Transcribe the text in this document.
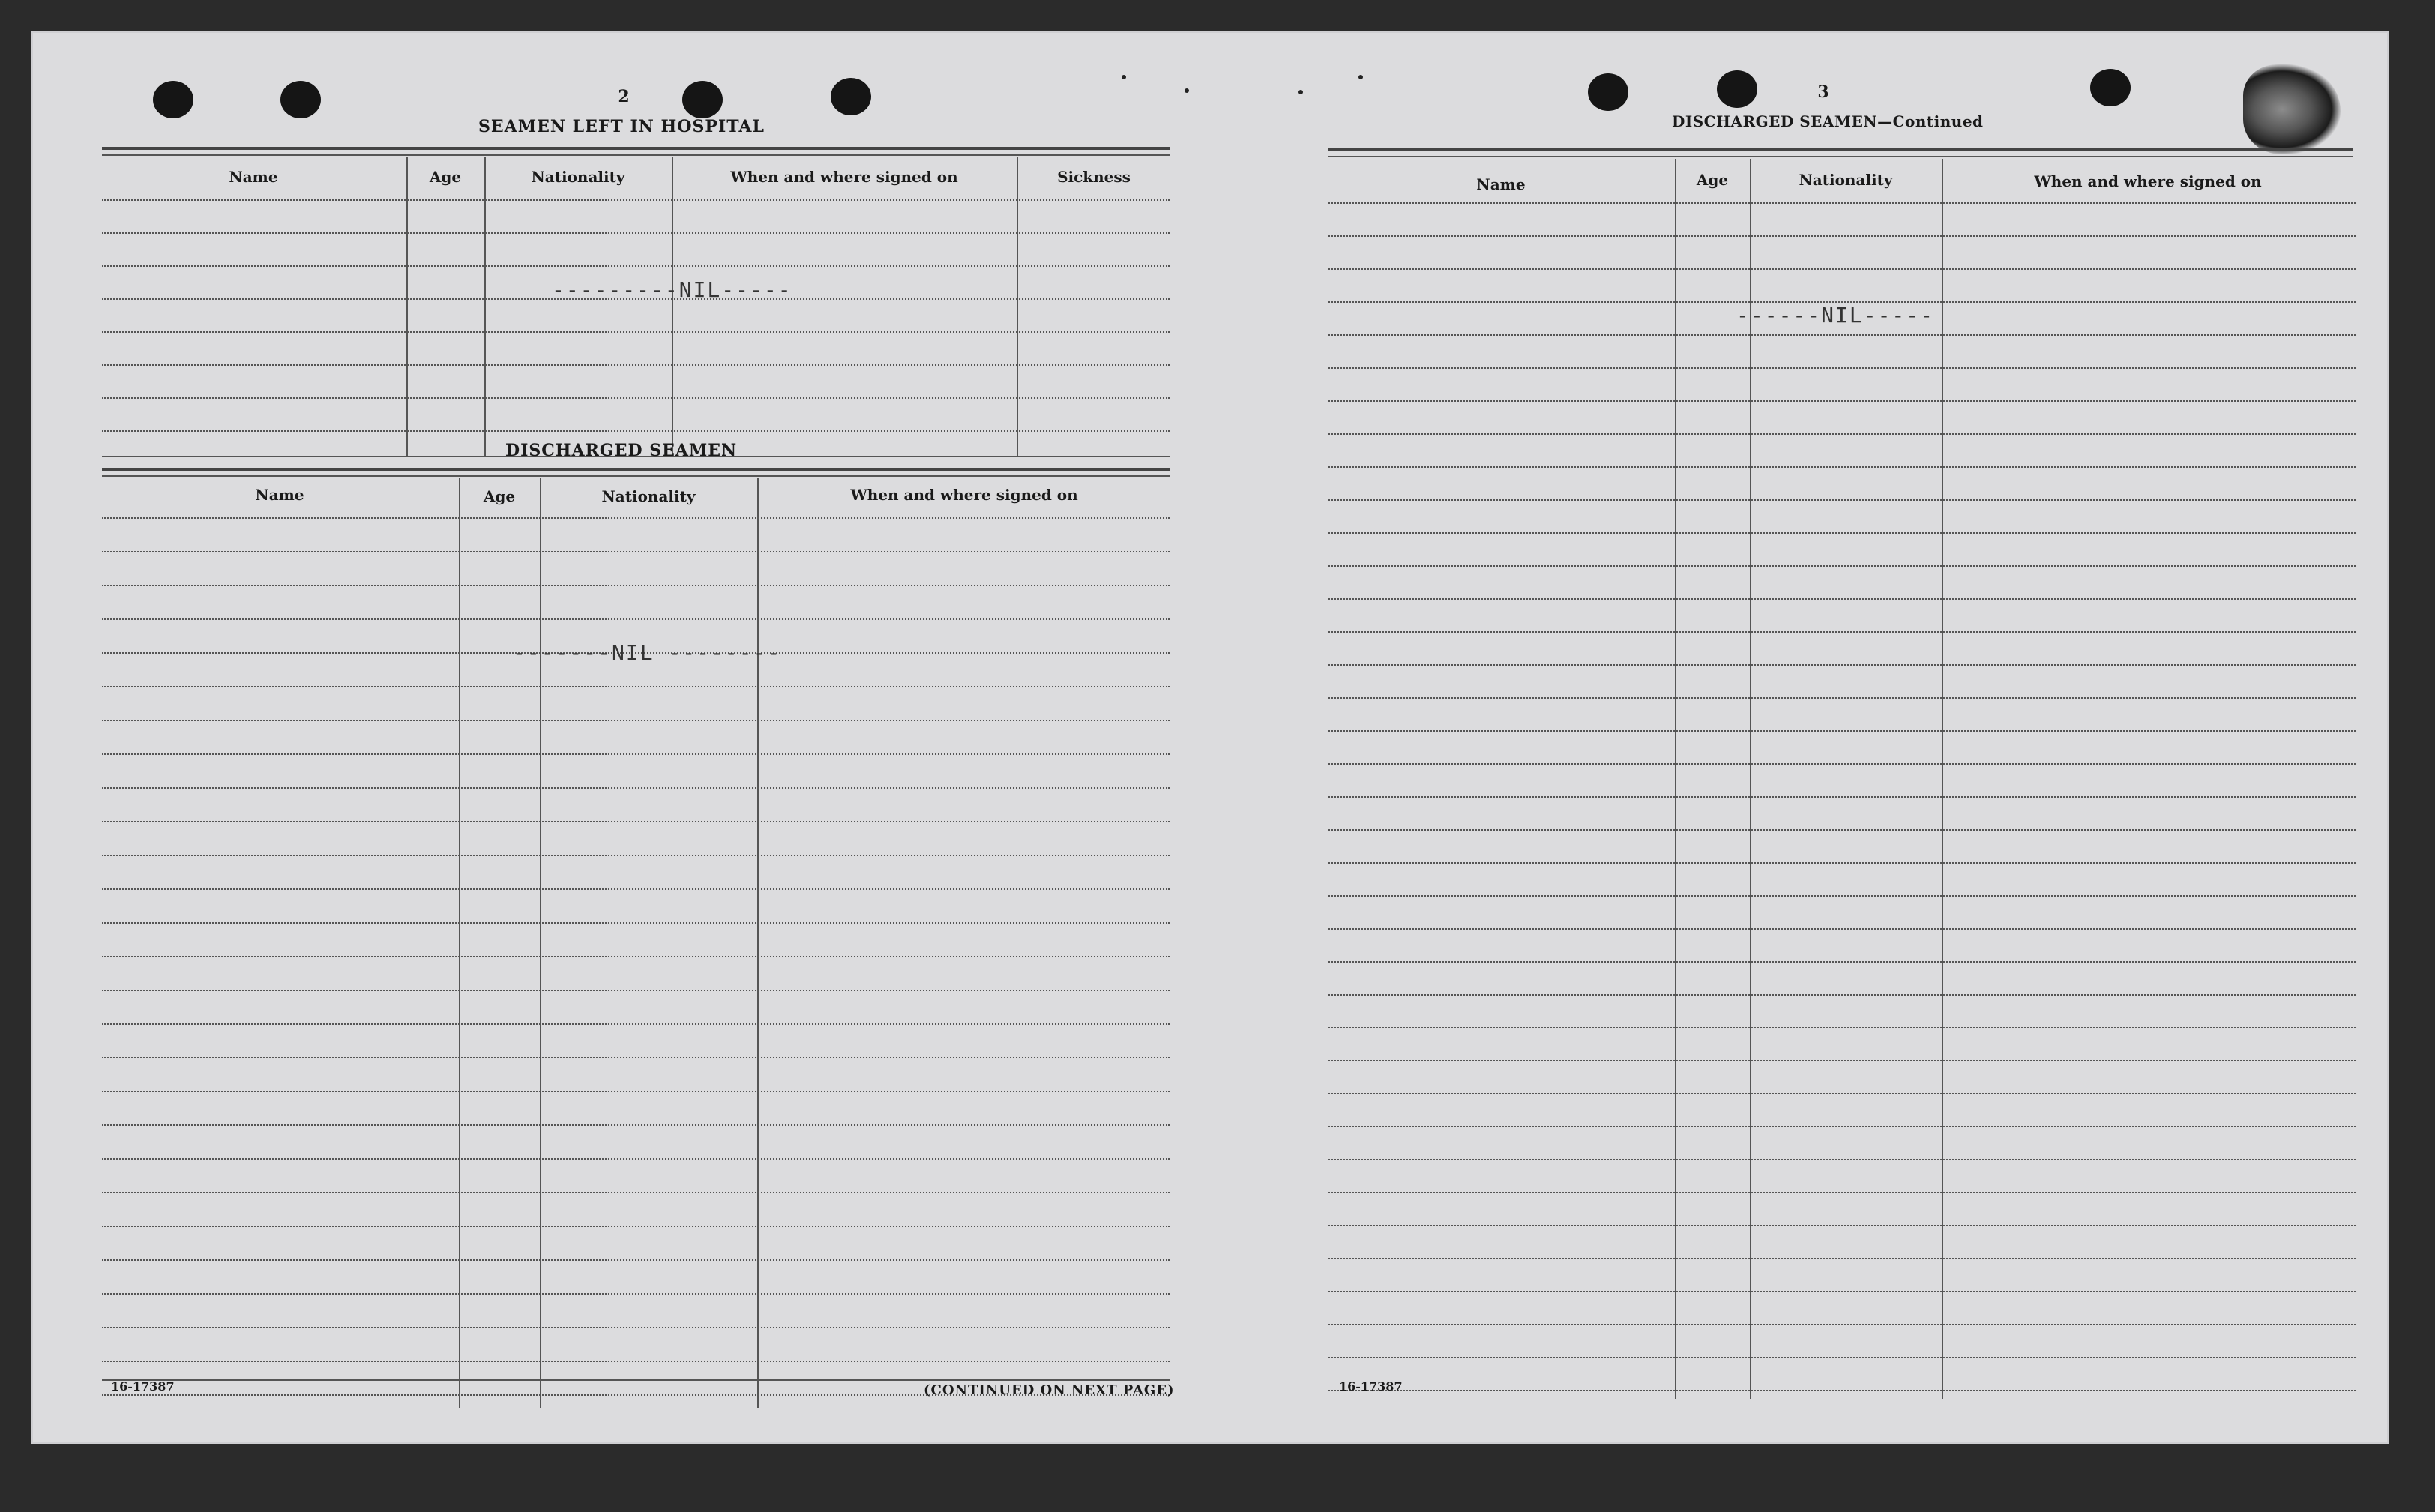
2
SEAMEN LEFT IN HOSPITAL
Name	Age	Nationality	When and where signed on	Sickness
---------NIL-----
DISCHARGED SEAMEN
Name	Age	Nationality	When and where signed on
-------NIL --------
16-17387	(CONTINUED ON NEXT PAGE)
3
DISCHARGED SEAMEN—Continued
Name	Age	Nationality	When and where signed on
------NIL-----
16-17387
